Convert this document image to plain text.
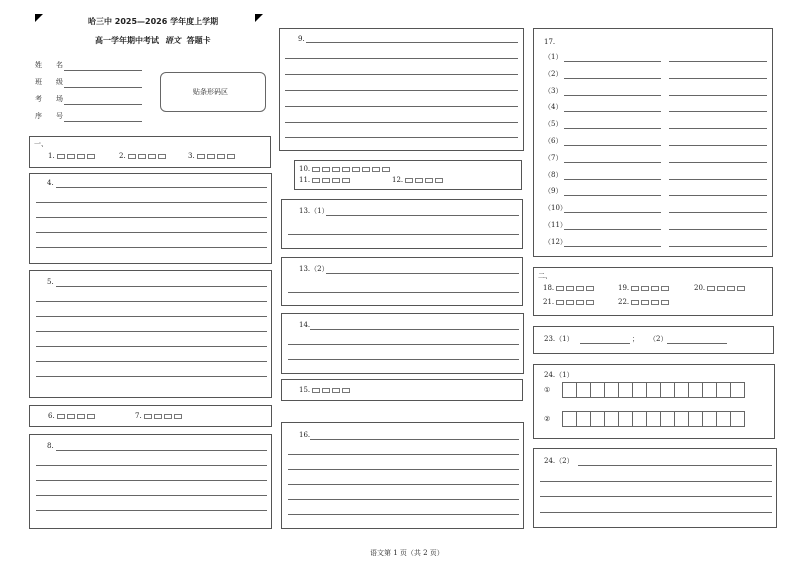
哈三中 2025—2026 学年度上学期
高一学年期中考试 语文 答题卡
姓　　名
班　　级
考　　场
序　　号
贴条形码区
一、
1.	2.	3.
4.
5.
6.	7.
8.
9.
10.
11.	12.
13.（1）
13.（2）
14.
15.
16.
17.
（1）
（2）
（3）
（4）
（5）
（6）
（7）
（8）
（9）
（10）
（11）
（12）
二、
18.	19.	20.
21.	22.
23.（1）	； （2）
24.（1）
①
②
24.（2）
语文第 1 页（共 2 页）
